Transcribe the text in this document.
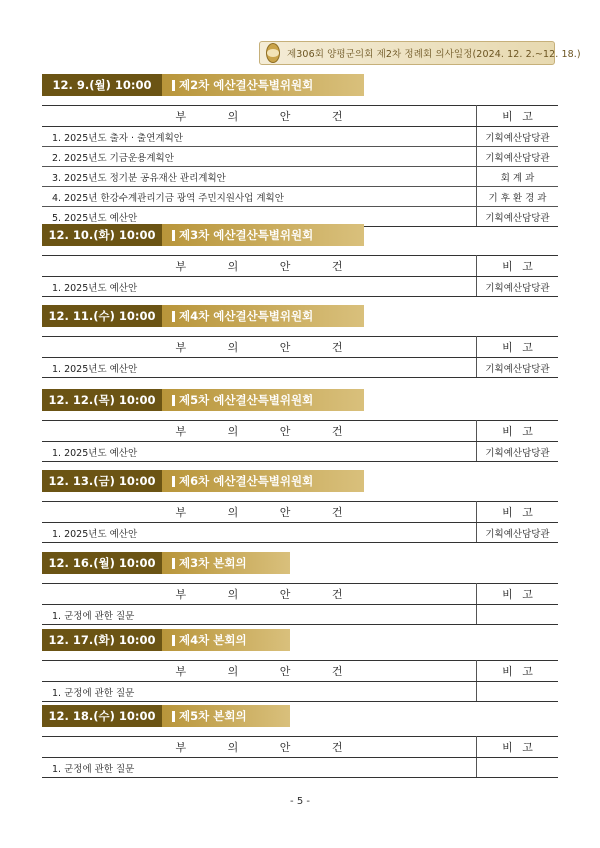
제306회 양평군의회 제2차 정례회 의사일정(2024. 12. 2.~12. 18.)
12. 9.(월) 10:00	제2차 예산결산특별위원회
부 의 안 건	비 고
1. 2025년도 출자 · 출연계획안	기획예산담당관
2. 2025년도 기금운용계획안	기획예산담당관
3. 2025년도 정기분 공유재산 관리계획안	회 계 과
4. 2025년 한강수계관리기금 광역 주민지원사업 계획안	기 후 환 경 과
5. 2025년도 예산안	기획예산담당관
12. 10.(화) 10:00	제3차 예산결산특별위원회
부 의 안 건	비 고
1. 2025년도 예산안	기획예산담당관
12. 11.(수) 10:00	제4차 예산결산특별위원회
부 의 안 건	비 고
1. 2025년도 예산안	기획예산담당관
12. 12.(목) 10:00	제5차 예산결산특별위원회
부 의 안 건	비 고
1. 2025년도 예산안	기획예산담당관
12. 13.(금) 10:00	제6차 예산결산특별위원회
부 의 안 건	비 고
1. 2025년도 예산안	기획예산담당관
12. 16.(월) 10:00	제3차 본회의
부 의 안 건	비 고
1. 군정에 관한 질문	
12. 17.(화) 10:00	제4차 본회의
부 의 안 건	비 고
1. 군정에 관한 질문	
12. 18.(수) 10:00	제5차 본회의
부 의 안 건	비 고
1. 군정에 관한 질문	
- 5 -
